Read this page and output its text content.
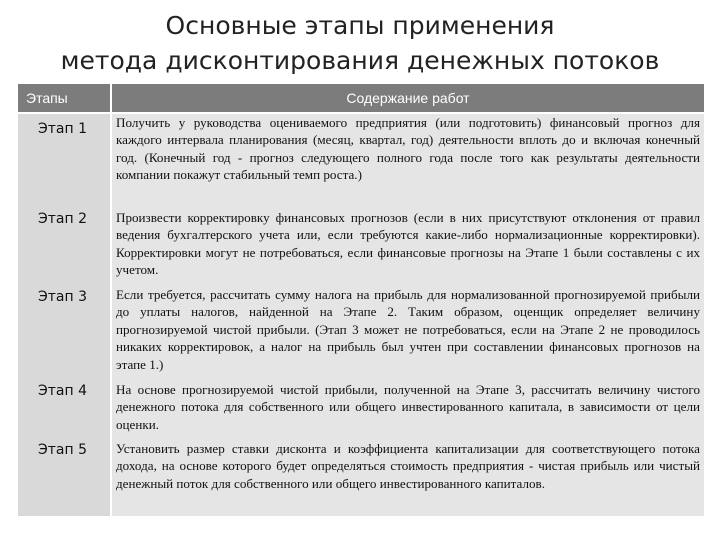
Основные этапы применения
метода дисконтирования денежных потоков
Этапы	Содержание работ
Этап 1 Получить у руководства оцениваемого предприятия (или подготовить) финансовый прогноз для каждого интервала планирования (месяц, квартал, год) деятельности вплоть до и включая конечный год. (Конечный год - прогноз следующего полного года после того как результаты деятельности компании покажут стабильный темп роста.)
Этап 2 Произвести корректировку финансовых прогнозов (если в них присутствуют отклонения от правил ведения бухгалтерского учета или, если требуются какие-либо нормализационные корректировки). Корректировки могут не потребоваться, если финансовые прогнозы на Этапе 1 были составлены с их учетом.
Этап 3 Если требуется, рассчитать сумму налога на прибыль для нормализованной прогнозируемой прибыли до уплаты налогов, найденной на Этапе 2. Таким образом, оценщик определяет величину прогнозируемой чистой прибыли. (Этап 3 может не потребоваться, если на Этапе 2 не проводилось никаких корректировок, а налог на прибыль был учтен при составлении финансовых прогнозов на этапе 1.)
Этап 4 На основе прогнозируемой чистой прибыли, полученной на Этапе 3, рассчитать величину чистого денежного потока для собственного или общего инвестированного капитала, в зависимости от цели оценки.
Этап 5 Установить размер ставки дисконта и коэффициента капитализации для соответствующего потока дохода, на основе которого будет определяться стоимость предприятия - чистая прибыль или чистый денежный поток для собственного или общего инвестированного капиталов.
